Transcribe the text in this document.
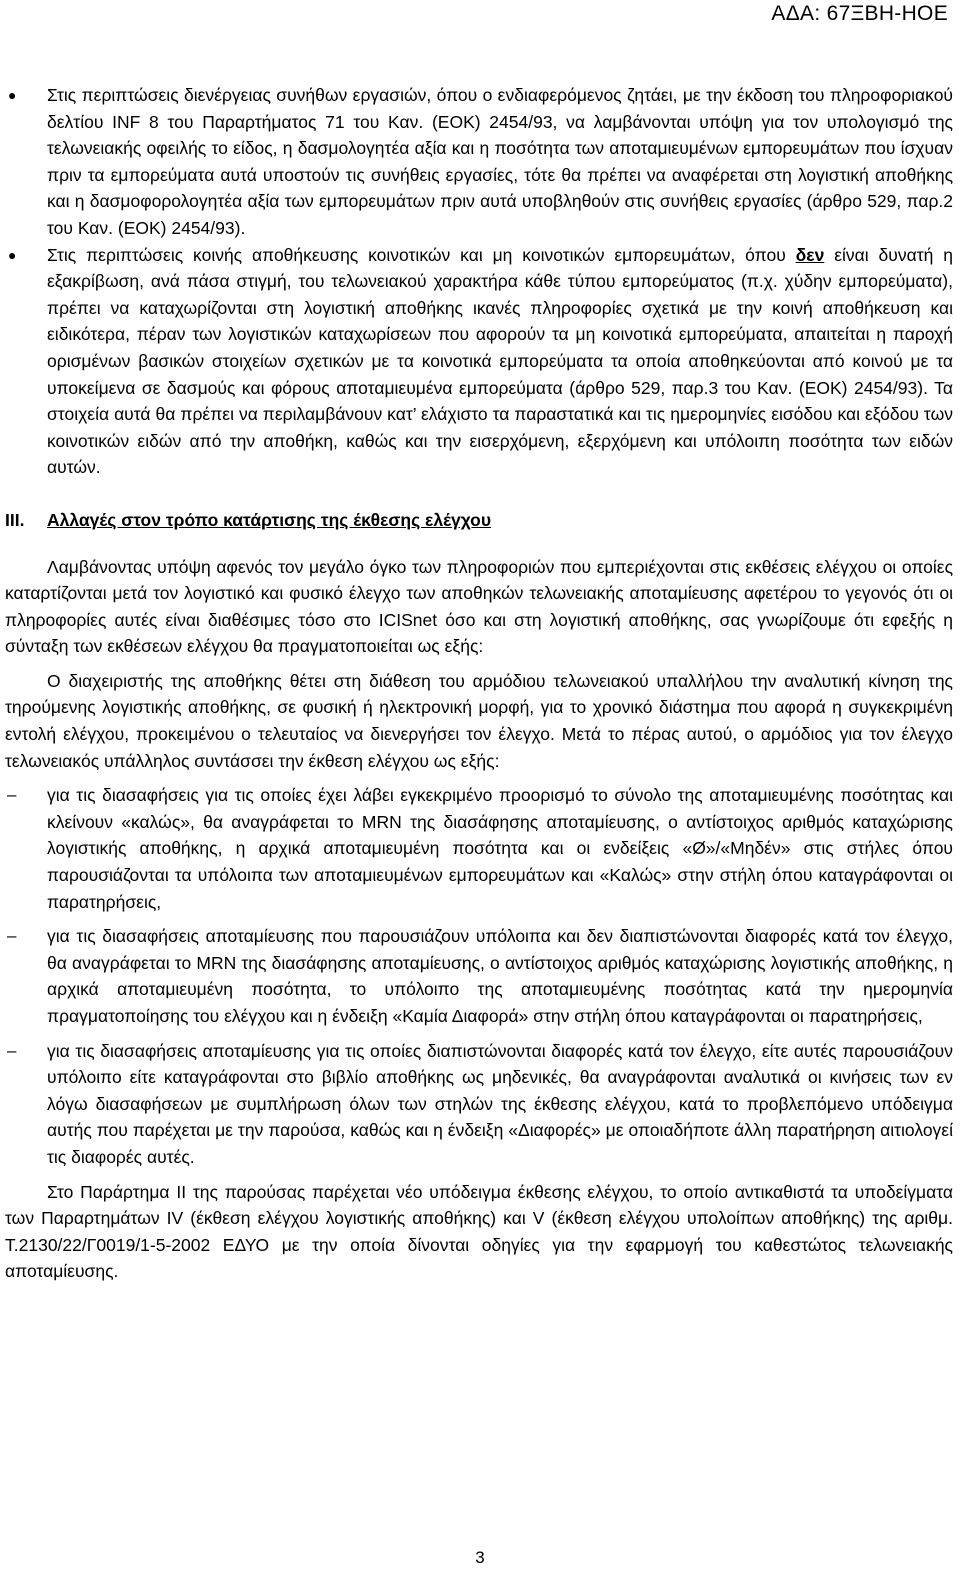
ΑΔΑ: 67ΞΒΗ-ΗΟΕ

● Στις περιπτώσεις διενέργειας συνήθων εργασιών, όπου ο ενδιαφερόμενος ζητάει, με την έκδοση του πληροφοριακού δελτίου INF 8 του Παραρτήματος 71 του Καν. (ΕΟΚ) 2454/93, να λαμβάνονται υπόψη για τον υπολογισμό της τελωνειακής οφειλής το είδος, η δασμολογητέα αξία και η ποσότητα των αποταμιευμένων εμπορευμάτων που ίσχυαν πριν τα εμπορεύματα αυτά υποστούν τις συνήθεις εργασίες, τότε θα πρέπει να αναφέρεται στη λογιστική αποθήκης και η δασμοφορολογητέα αξία των εμπορευμάτων πριν αυτά υποβληθούν στις συνήθεις εργασίες (άρθρο 529, παρ.2 του Καν. (ΕΟΚ) 2454/93).

● Στις περιπτώσεις κοινής αποθήκευσης κοινοτικών και μη κοινοτικών εμπορευμάτων, όπου δεν είναι δυνατή η εξακρίβωση, ανά πάσα στιγμή, του τελωνειακού χαρακτήρα κάθε τύπου εμπορεύματος (π.χ. χύδην εμπορεύματα), πρέπει να καταχωρίζονται στη λογιστική αποθήκης ικανές πληροφορίες σχετικά με την κοινή αποθήκευση και ειδικότερα, πέραν των λογιστικών καταχωρίσεων που αφορούν τα μη κοινοτικά εμπορεύματα, απαιτείται η παροχή ορισμένων βασικών στοιχείων σχετικών με τα κοινοτικά εμπορεύματα τα οποία αποθηκεύονται από κοινού με τα υποκείμενα σε δασμούς και φόρους αποταμιευμένα εμπορεύματα (άρθρο 529, παρ.3 του Καν. (ΕΟΚ) 2454/93). Τα στοιχεία αυτά θα πρέπει να περιλαμβάνουν κατ’ ελάχιστο τα παραστατικά και τις ημερομηνίες εισόδου και εξόδου των κοινοτικών ειδών από την αποθήκη, καθώς και την εισερχόμενη, εξερχόμενη και υπόλοιπη ποσότητα των ειδών αυτών.

ΙΙΙ. Αλλαγές στον τρόπο κατάρτισης της έκθεσης ελέγχου

Λαμβάνοντας υπόψη αφενός τον μεγάλο όγκο των πληροφοριών που εμπεριέχονται στις εκθέσεις ελέγχου οι οποίες καταρτίζονται μετά τον λογιστικό και φυσικό έλεγχο των αποθηκών τελωνειακής αποταμίευσης αφετέρου το γεγονός ότι οι πληροφορίες αυτές είναι διαθέσιμες τόσο στο ICISnet όσο και στη λογιστική αποθήκης, σας γνωρίζουμε ότι εφεξής η σύνταξη των εκθέσεων ελέγχου θα πραγματοποιείται ως εξής:

Ο διαχειριστής της αποθήκης θέτει στη διάθεση του αρμόδιου τελωνειακού υπαλλήλου την αναλυτική κίνηση της τηρούμενης λογιστικής αποθήκης, σε φυσική ή ηλεκτρονική μορφή, για το χρονικό διάστημα που αφορά η συγκεκριμένη εντολή ελέγχου, προκειμένου ο τελευταίος να διενεργήσει τον έλεγχο. Μετά το πέρας αυτού, ο αρμόδιος για τον έλεγχο τελωνειακός υπάλληλος συντάσσει την έκθεση ελέγχου ως εξής:

– για τις διασαφήσεις για τις οποίες έχει λάβει εγκεκριμένο προορισμό το σύνολο της αποταμιευμένης ποσότητας και κλείνουν «καλώς», θα αναγράφεται το MRN της διασάφησης αποταμίευσης, ο αντίστοιχος αριθμός καταχώρισης λογιστικής αποθήκης, η αρχικά αποταμιευμένη ποσότητα και οι ενδείξεις «Ø»/«Μηδέν» στις στήλες όπου παρουσιάζονται τα υπόλοιπα των αποταμιευμένων εμπορευμάτων και «Καλώς» στην στήλη όπου καταγράφονται οι παρατηρήσεις,

– για τις διασαφήσεις αποταμίευσης που παρουσιάζουν υπόλοιπα και δεν διαπιστώνονται διαφορές κατά τον έλεγχο, θα αναγράφεται το MRN της διασάφησης αποταμίευσης, ο αντίστοιχος αριθμός καταχώρισης λογιστικής αποθήκης, η αρχικά αποταμιευμένη ποσότητα, το υπόλοιπο της αποταμιευμένης ποσότητας κατά την ημερομηνία πραγματοποίησης του ελέγχου και η ένδειξη «Καμία Διαφορά» στην στήλη όπου καταγράφονται οι παρατηρήσεις,

– για τις διασαφήσεις αποταμίευσης για τις οποίες διαπιστώνονται διαφορές κατά τον έλεγχο, είτε αυτές παρουσιάζουν υπόλοιπο είτε καταγράφονται στο βιβλίο αποθήκης ως μηδενικές, θα αναγράφονται αναλυτικά οι κινήσεις των εν λόγω διασαφήσεων με συμπλήρωση όλων των στηλών της έκθεσης ελέγχου, κατά το προβλεπόμενο υπόδειγμα αυτής που παρέχεται με την παρούσα, καθώς και η ένδειξη «Διαφορές» με οποιαδήποτε άλλη παρατήρηση αιτιολογεί τις διαφορές αυτές.

Στο Παράρτημα ΙΙ της παρούσας παρέχεται νέο υπόδειγμα έκθεσης ελέγχου, το οποίο αντικαθιστά τα υποδείγματα των Παραρτημάτων IV (έκθεση ελέγχου λογιστικής αποθήκης) και V (έκθεση ελέγχου υπολοίπων αποθήκης) της αριθμ. Τ.2130/22/Γ0019/1-5-2002 ΕΔΥΟ με την οποία δίνονται οδηγίες για την εφαρμογή του καθεστώτος τελωνειακής αποταμίευσης.

3
